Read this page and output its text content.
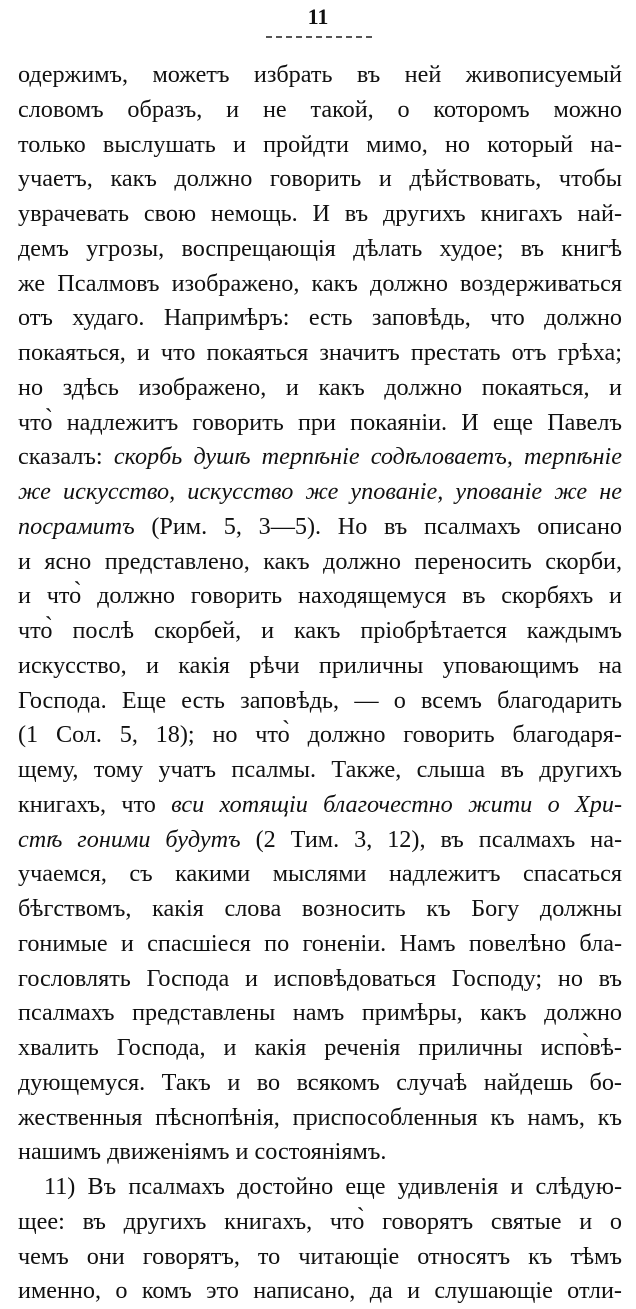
11
одержимъ, можетъ избрать въ ней живописуемый
словомъ образъ, и не такой, о которомъ можно
только выслушать и пройдти мимо, но который на-
учаетъ, какъ должно говорить и дѣйствовать, чтобы
уврачевать свою немощь. И въ другихъ книгахъ най-
демъ угрозы, воспрещающія дѣлать худое; въ книгѣ
же Псалмовъ изображено, какъ должно воздерживаться
отъ худаго. Напримѣръ: есть заповѣдь, что должно
покаяться, и что покаяться значитъ престать отъ грѣха;
но здѣсь изображено, и какъ должно покаяться, и
что̀ надлежитъ говорить при покаяніи. И еще Павелъ
сказалъ: скорбь душѣ терпѣніе содѣловаетъ, терпѣніе
же искусство, искусство же упованіе, упованіе же не
посрамитъ (Рим. 5, 3—5). Но въ псалмахъ описано
и ясно представлено, какъ должно переносить скорби,
и что̀ должно говорить находящемуся въ скорбяхъ и
что̀ послѣ скорбей, и какъ пріобрѣтается каждымъ
искусство, и какія рѣчи приличны уповающимъ на
Господа. Еще есть заповѣдь, — о всемъ благодарить
(1 Сол. 5, 18); но что̀ должно говорить благодаря-
щему, тому учатъ псалмы. Также, слыша въ другихъ
книгахъ, что вси хотящіи благочестно жити о Хри-
стѣ гоними будутъ (2 Тим. 3, 12), въ псалмахъ на-
учаемся, съ какими мыслями надлежитъ спасаться
бѣгствомъ, какія слова возносить къ Богу должны
гонимые и спасшіеся по гоненіи. Намъ повелѣно бла-
гословлять Господа и исповѣдоваться Господу; но въ
псалмахъ представлены намъ примѣры, какъ должно
хвалить Господа, и какія реченія приличны испо̀вѣ-
дующемуся. Такъ и во всякомъ случаѣ найдешь бо-
жественныя пѣснопѣнія, приспособленныя къ намъ, къ
нашимъ движеніямъ и состояніямъ.
11) Въ псалмахъ достойно еще удивленія и слѣдую-
щее: въ другихъ книгахъ, что̀ говорятъ святые и о
чемъ они говорятъ, то читающіе относятъ къ тѣмъ
именно, о комъ это написано, да и слушающіе отли-
